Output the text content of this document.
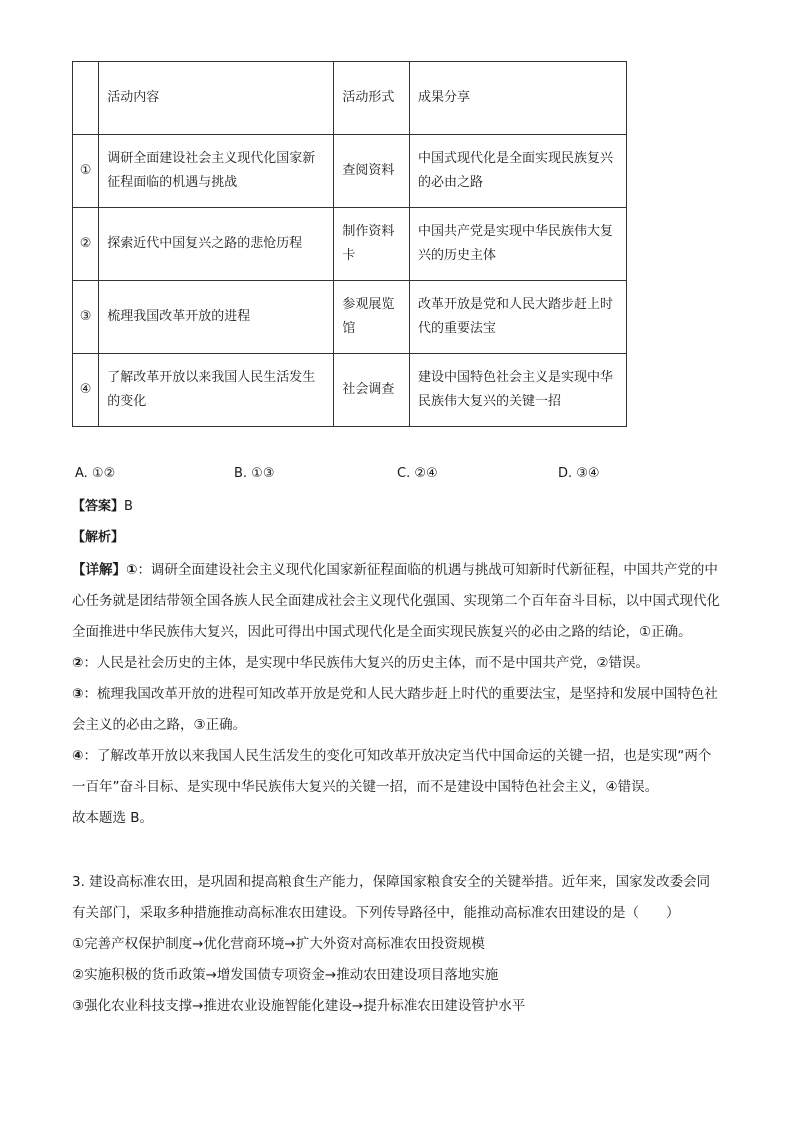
	活动内容	活动形式	成果分享
①	调研全面建设社会主义现代化国家新征程面临的机遇与挑战	查阅资料	中国式现代化是全面实现民族复兴的必由之路
②	探索近代中国复兴之路的悲怆历程	制作资料卡	中国共产党是实现中华民族伟大复兴的历史主体
③	梳理我国改革开放的进程	参观展览馆	改革开放是党和人民大踏步赶上时代的重要法宝
④	了解改革开放以来我国人民生活发生的变化	社会调查	建设中国特色社会主义是实现中华民族伟大复兴的关键一招
A. ①②	B. ①③	C. ②④	D. ③④
【答案】B
【解析】

【详解】①：调研全面建设社会主义现代化国家新征程面临的机遇与挑战可知新时代新征程，中国共产党的中心任务就是团结带领全国各族人民全面建成社会主义现代化强国、实现第二个百年奋斗目标，以中国式现代化全面推进中华民族伟大复兴，因此可得出中国式现代化是全面实现民族复兴的必由之路的结论，①正确。

②：人民是社会历史的主体，是实现中华民族伟大复兴的历史主体，而不是中国共产党，②错误。

③：梳理我国改革开放的进程可知改革开放是党和人民大踏步赶上时代的重要法宝，是坚持和发展中国特色社会主义的必由之路，③正确。

④：了解改革开放以来我国人民生活发生的变化可知改革开放决定当代中国命运的关键一招，也是实现“两个一百年”奋斗目标、是实现中华民族伟大复兴的关键一招，而不是建设中国特色社会主义，④错误。

故本题选 B。

3. 建设高标准农田，是巩固和提高粮食生产能力，保障国家粮食安全的关键举措。近年来，国家发改委会同有关部门，采取多种措施推动高标准农田建设。下列传导路径中，能推动高标准农田建设的是（　　）

①完善产权保护制度→优化营商环境→扩大外资对高标准农田投资规模

②实施积极的货币政策→增发国债专项资金→推动农田建设项目落地实施

③强化农业科技支撑→推进农业设施智能化建设→提升标准农田建设管护水平
